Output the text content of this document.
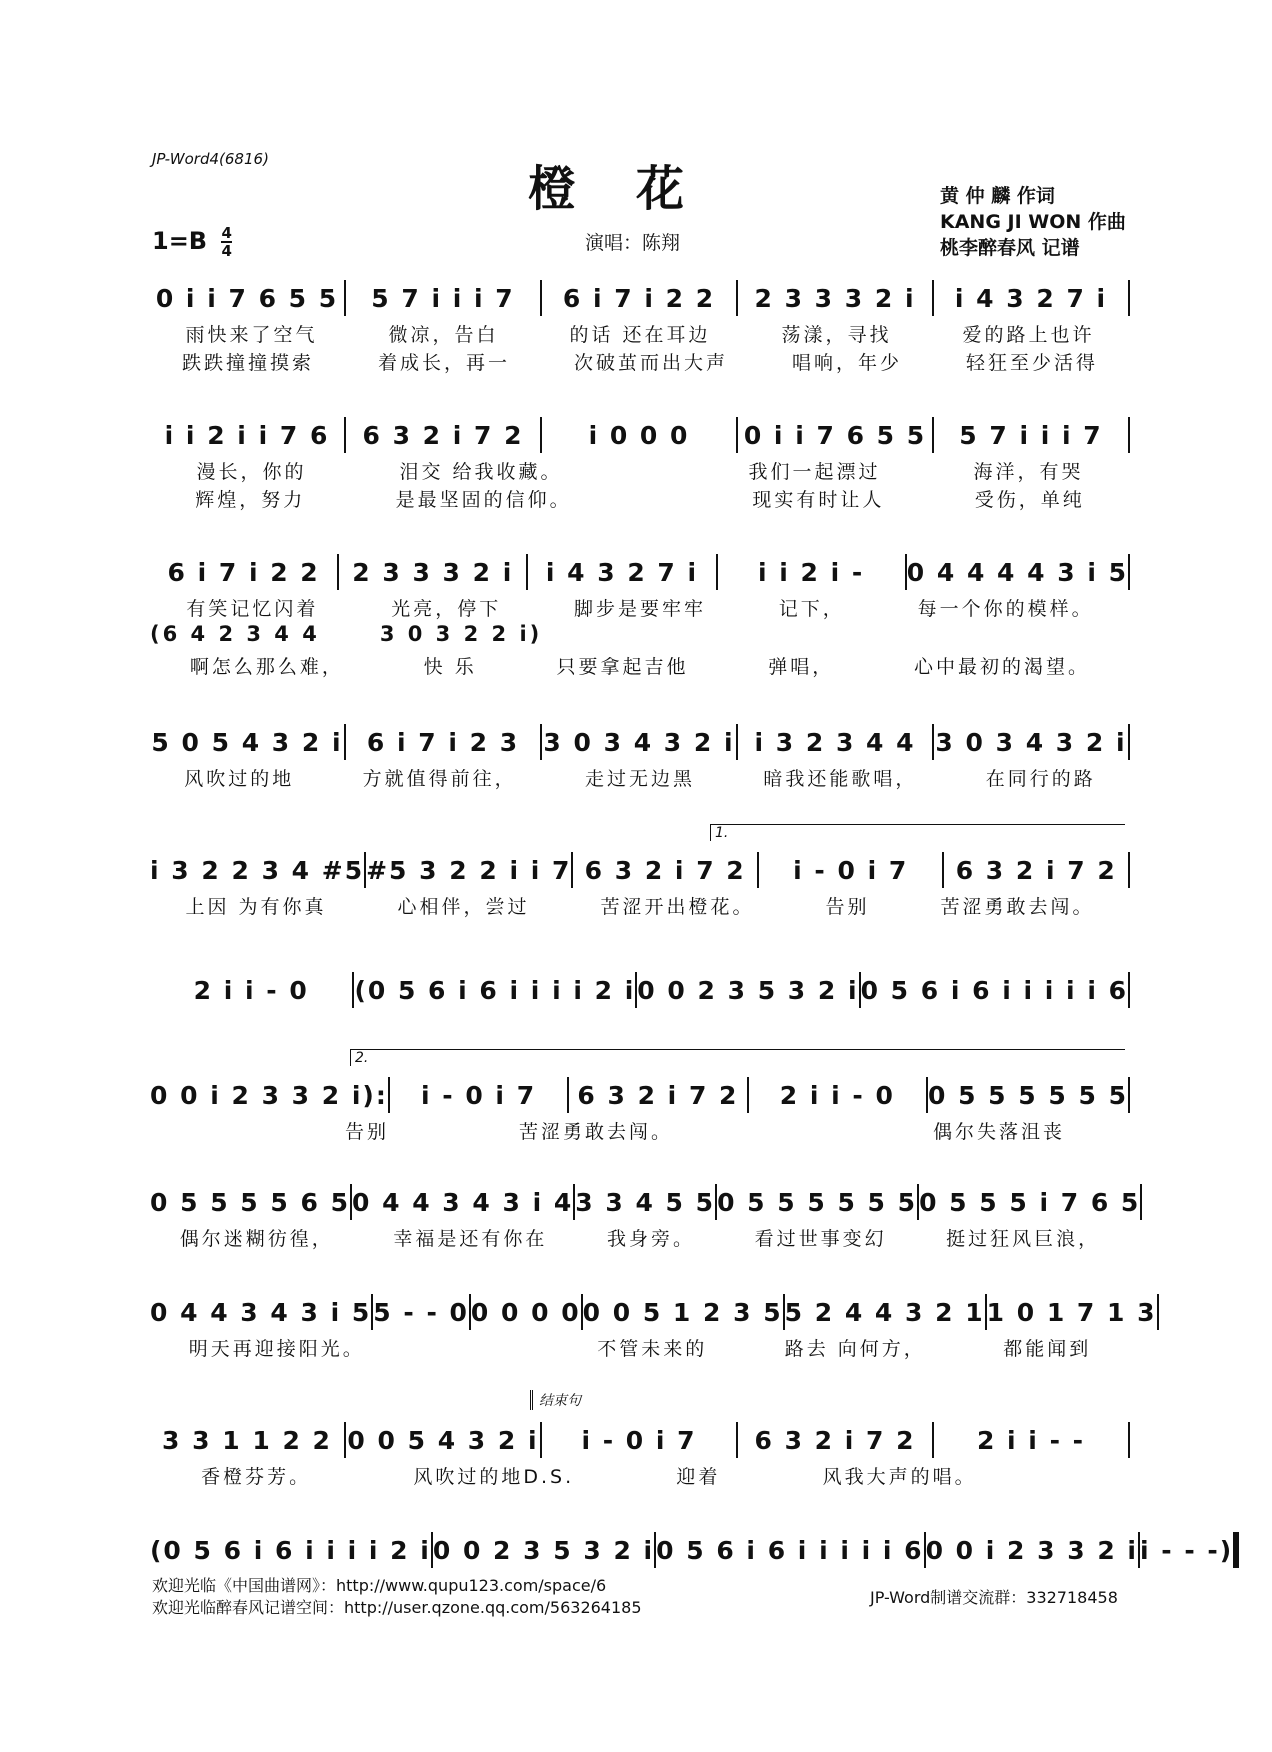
JP-Word4(6816)
橙花	黄 仲 麟 作词
KANG JI WON 作曲
桃李醉春风 记谱
$1=B \frac{4}{4}$	演唱：陈翔
0 i i 7 6 5 5 5 7 i i i 7 6 i 7 i 2 2 2 3 3 3 2 i i 4 3 2 7 i
雨快来了空气	微凉，告白	的话 还在耳边	荡漾，寻找	爱的路上也许
跌跌撞撞摸索	着成长，再一	次破茧而出大声	唱响，年少	轻狂至少活得
i i 2 i i 7 6 6 3 2 i 7 2	i 0 0 0 0 i i 7 6 5 5 5 7 i i i 7
漫长，你的	泪交 给我收藏。	我们一起漂过	海洋，有哭
辉煌，努力	是最坚固的信仰。	现实有时让人	受伤，单纯
6 i 7 i 2 2 2 3 3 3 2 i i 4 3 2 7 i i i 2 i - 0 4 4 4 4 3 i 5
有笑记忆闪着	光亮，停下	脚步是要牢牢	记下，	每一个你的模样。
(6 4 2 3 4 4	3 0 3 2 2 i)
啊怎么那么难，	快 乐	只要拿起吉他	弹唱，	心中最初的渴望。
5 0 5 4 3 2 i 6 i 7 i 2 3 3 0 3 4 3 2 i i 3 2 3 4 4 3 0 3 4 3 2 i
风吹过的地	方就值得前往，	走过无边黑	暗我还能歌唱，	在同行的路
i 3 2 2 3 4 #5 #5 3 2 2 i i 7 6 3 2 i 7 2 i - 0 i 7 6 3 2 i 7 2
上因 为有你真	心相伴，尝过	苦涩开出橙花。	告别	苦涩勇敢去闯。
1.
2 i i - 0 (0 5 6 i 6 i i i i 2 i 0 0 2 3 5 3 2 i 0 5 6 i 6 i i i i i 6
0 0 i 2 3 3 2 i): i - 0 i 7 6 3 2 i 7 2 2 i i - 0 0 5 5 5 5 5 5
告别	苦涩勇敢去闯。	偶尔失落沮丧
2.
0 5 5 5 5 6 5 0 4 4 3 4 3 i 4 3 3 4 5 5 0 5 5 5 5 5 5 0 5 5 5 i 7 6 5
偶尔迷糊彷徨，	幸福是还有你在	我身旁。	看过世事变幻	挺过狂风巨浪，
0 4 4 3 4 3 i 5 5 - - 0 0 0 0 0 0 0 5 1 2 3 5 5 2 4 4 3 2 1 1 0 1 7 1 3
明天再迎接阳光。	不管未来的	路去 向何方，	都能闻到
3 3 1 1 2 2 0 0 5 4 3 2 i i - 0 i 7 6 3 2 i 7 2 2 i i - -
香橙芬芳。	风吹过的地D.S.	迎着	风我大声的唱。
结束句
(0 5 6 i 6 i i i i 2 i 0 0 2 3 5 3 2 i 0 5 6 i 6 i i i i i 6 0 0 i 2 3 3 2 i i - - -)
欢迎光临《中国曲谱网》：http://www.qupu123.com/space/6
欢迎光临醉春风记谱空间：http://user.qzone.qq.com/563264185
JP-Word制谱交流群：332718458
